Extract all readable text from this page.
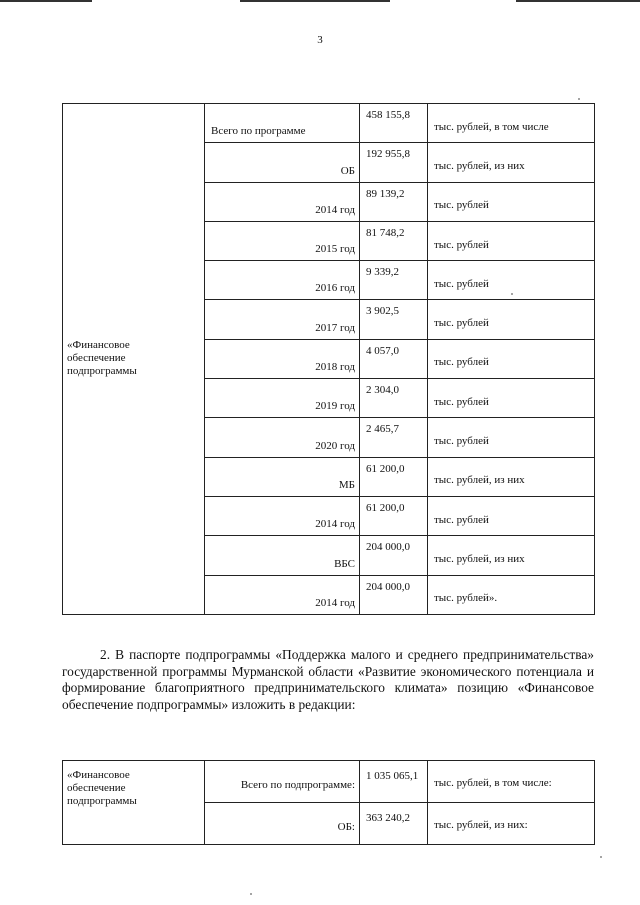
3
«Финансовое
обеспечение
подпрограммы	Всего по программе	458 155,8	тыс. рублей, в том числе

	ОБ	192 955,8	тыс. рублей, из них

	2014 год	89 139,2	тыс. рублей

	2015 год	81 748,2	тыс. рублей

	2016 год	9 339,2	тыс. рублей

	2017 год	3 902,5	тыс. рублей

	2018 год	4 057,0	тыс. рублей

	2019 год	2 304,0	тыс. рублей

	2020 год	2 465,7	тыс. рублей

	МБ	61 200,0	тыс. рублей, из них

	2014 год	61 200,0	тыс. рублей

	ВБС	204 000,0	тыс. рублей, из них

	2014 год	204 000,0	тыс. рублей».

2. В паспорте подпрограммы «Поддержка малого и среднего предпринимательства» государственной программы Мурманской области «Развитие экономического потенциала и формирование благоприятного предпринимательского климата» позицию «Финансовое обеспечение подпрограммы» изложить в редакции:

«Финансовое
обеспечение
подпрограммы	Всего по подпрограмме:	1 035 065,1	тыс. рублей, в том числе:

	ОБ:	363 240,2	тыс. рублей, из них:
